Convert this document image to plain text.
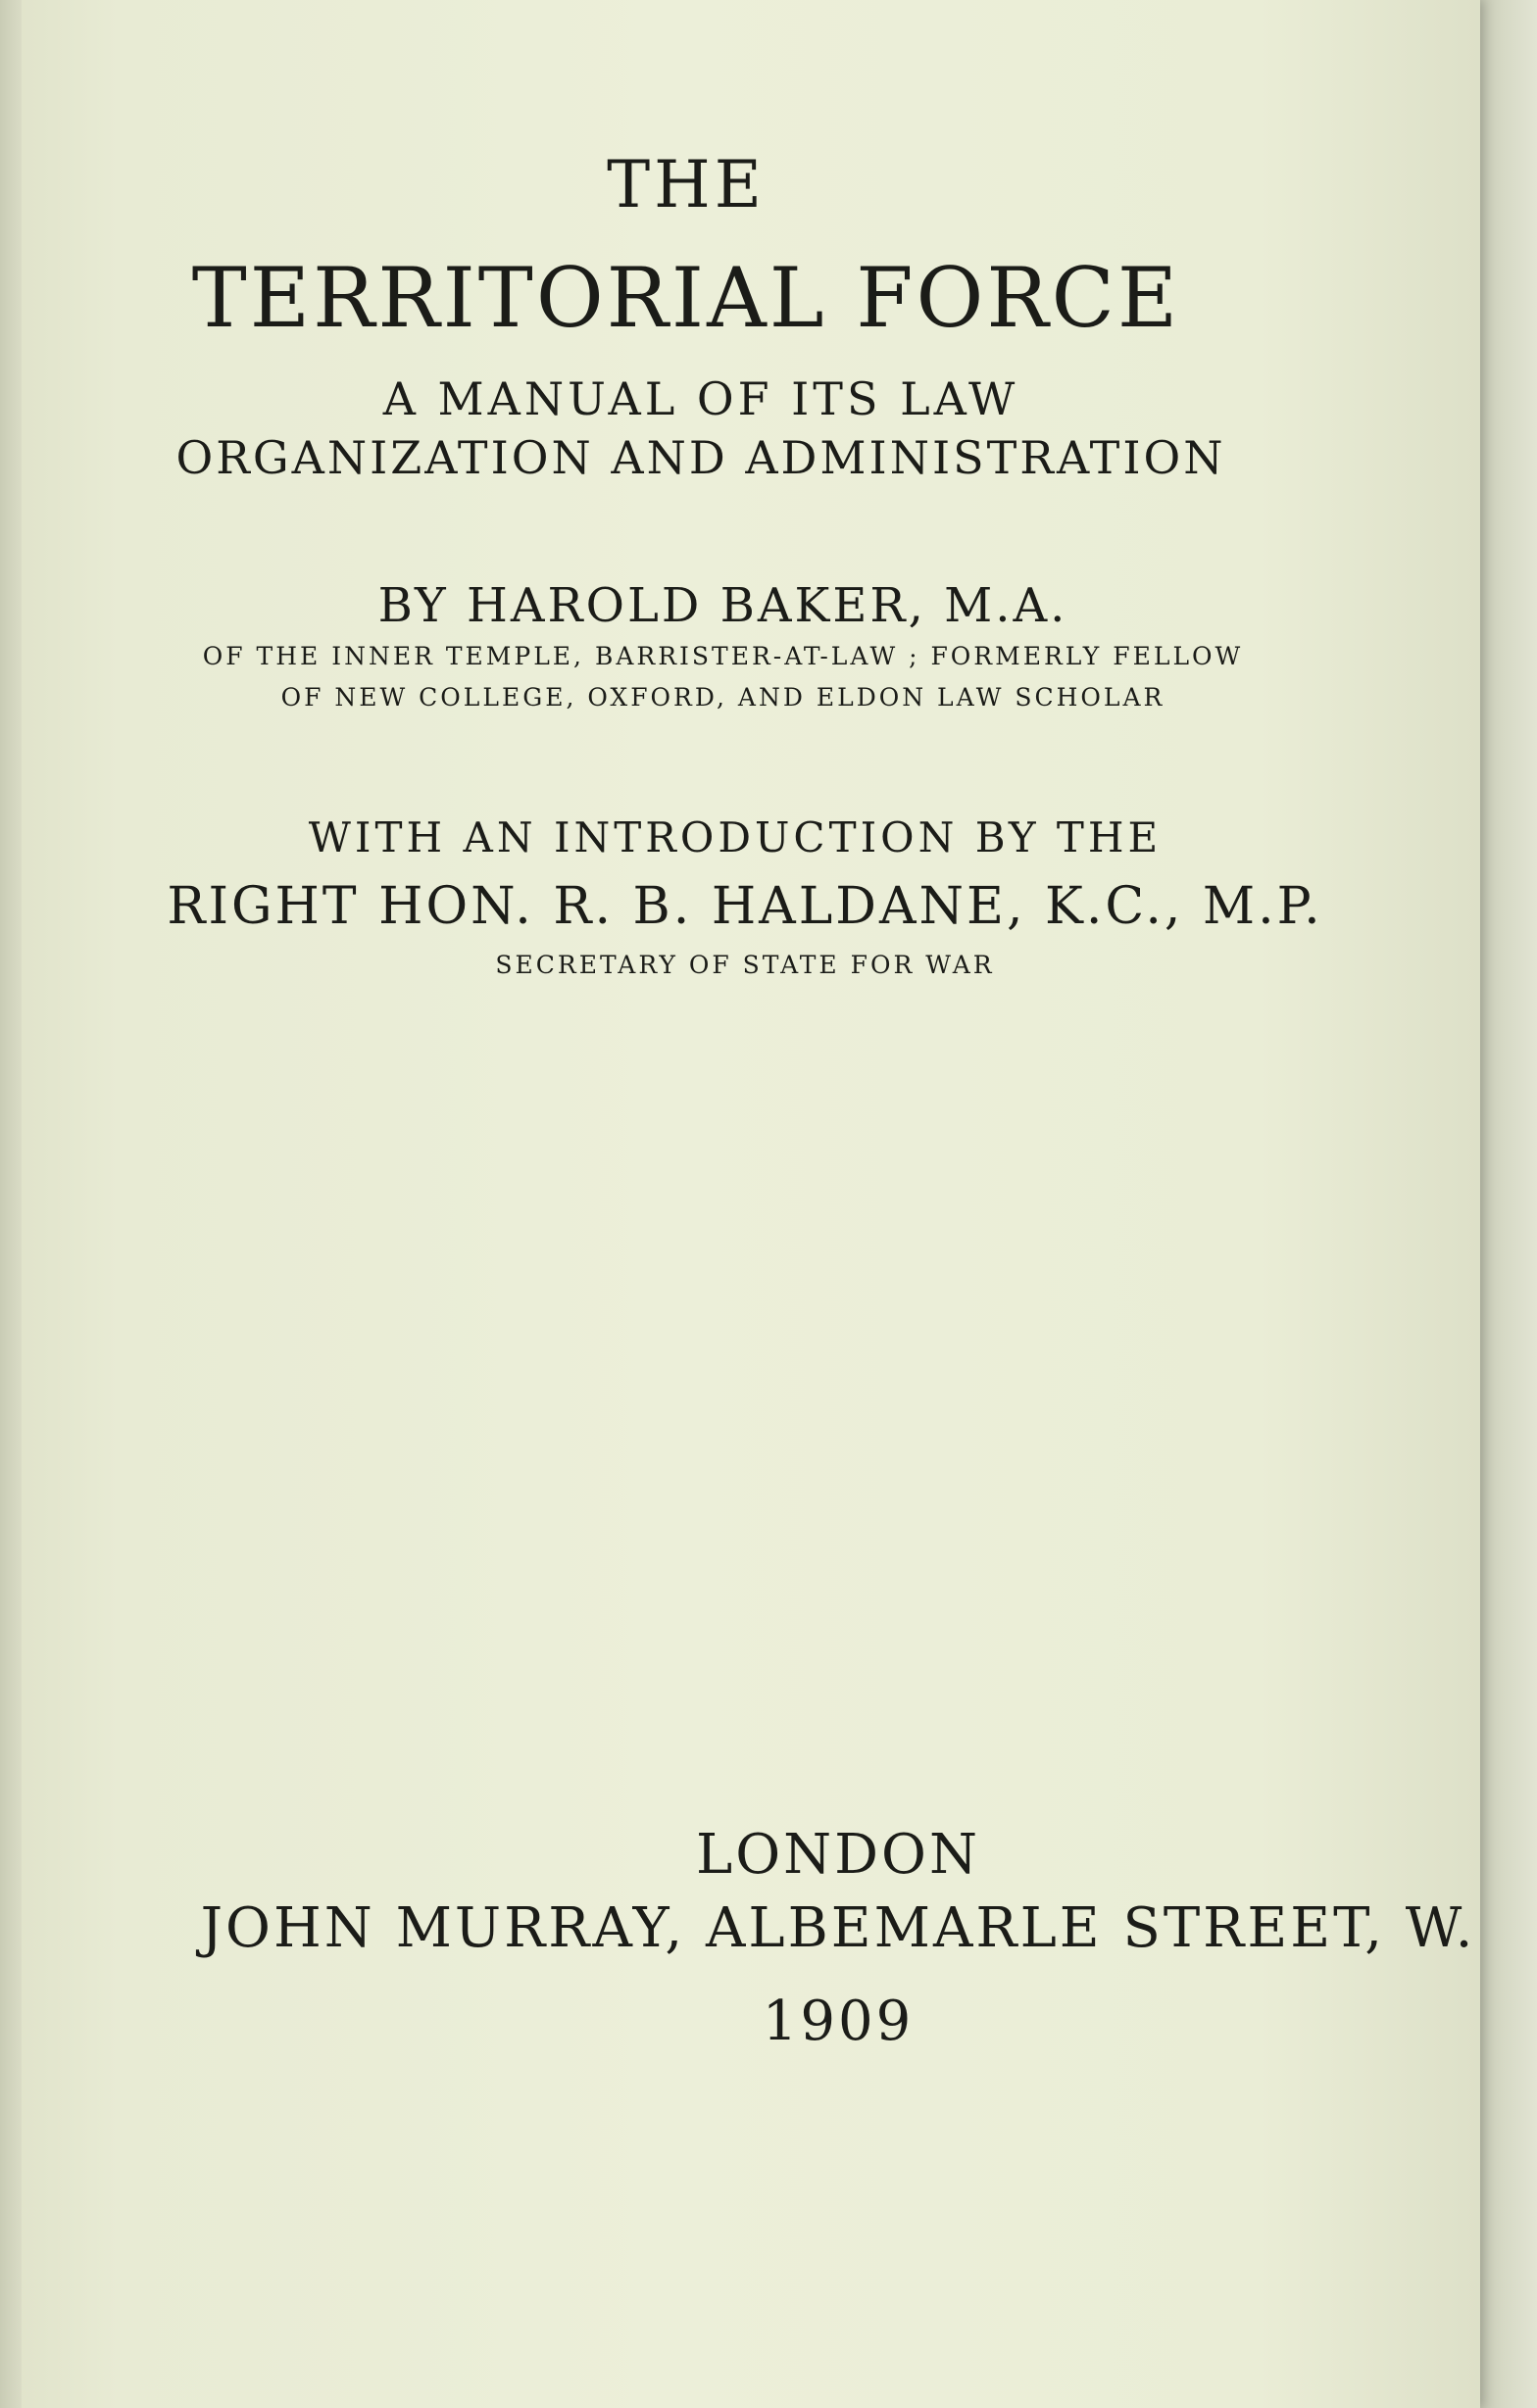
THE
TERRITORIAL FORCE
A MANUAL OF ITS LAW
ORGANIZATION AND ADMINISTRATION
BY HAROLD BAKER, M.A.
OF THE INNER TEMPLE, BARRISTER-AT-LAW ; FORMERLY FELLOW
OF NEW COLLEGE, OXFORD, AND ELDON LAW SCHOLAR
WITH AN INTRODUCTION BY THE
RIGHT HON. R. B. HALDANE, K.C., M.P.
SECRETARY OF STATE FOR WAR
LONDON
JOHN MURRAY, ALBEMARLE STREET, W.
1909
